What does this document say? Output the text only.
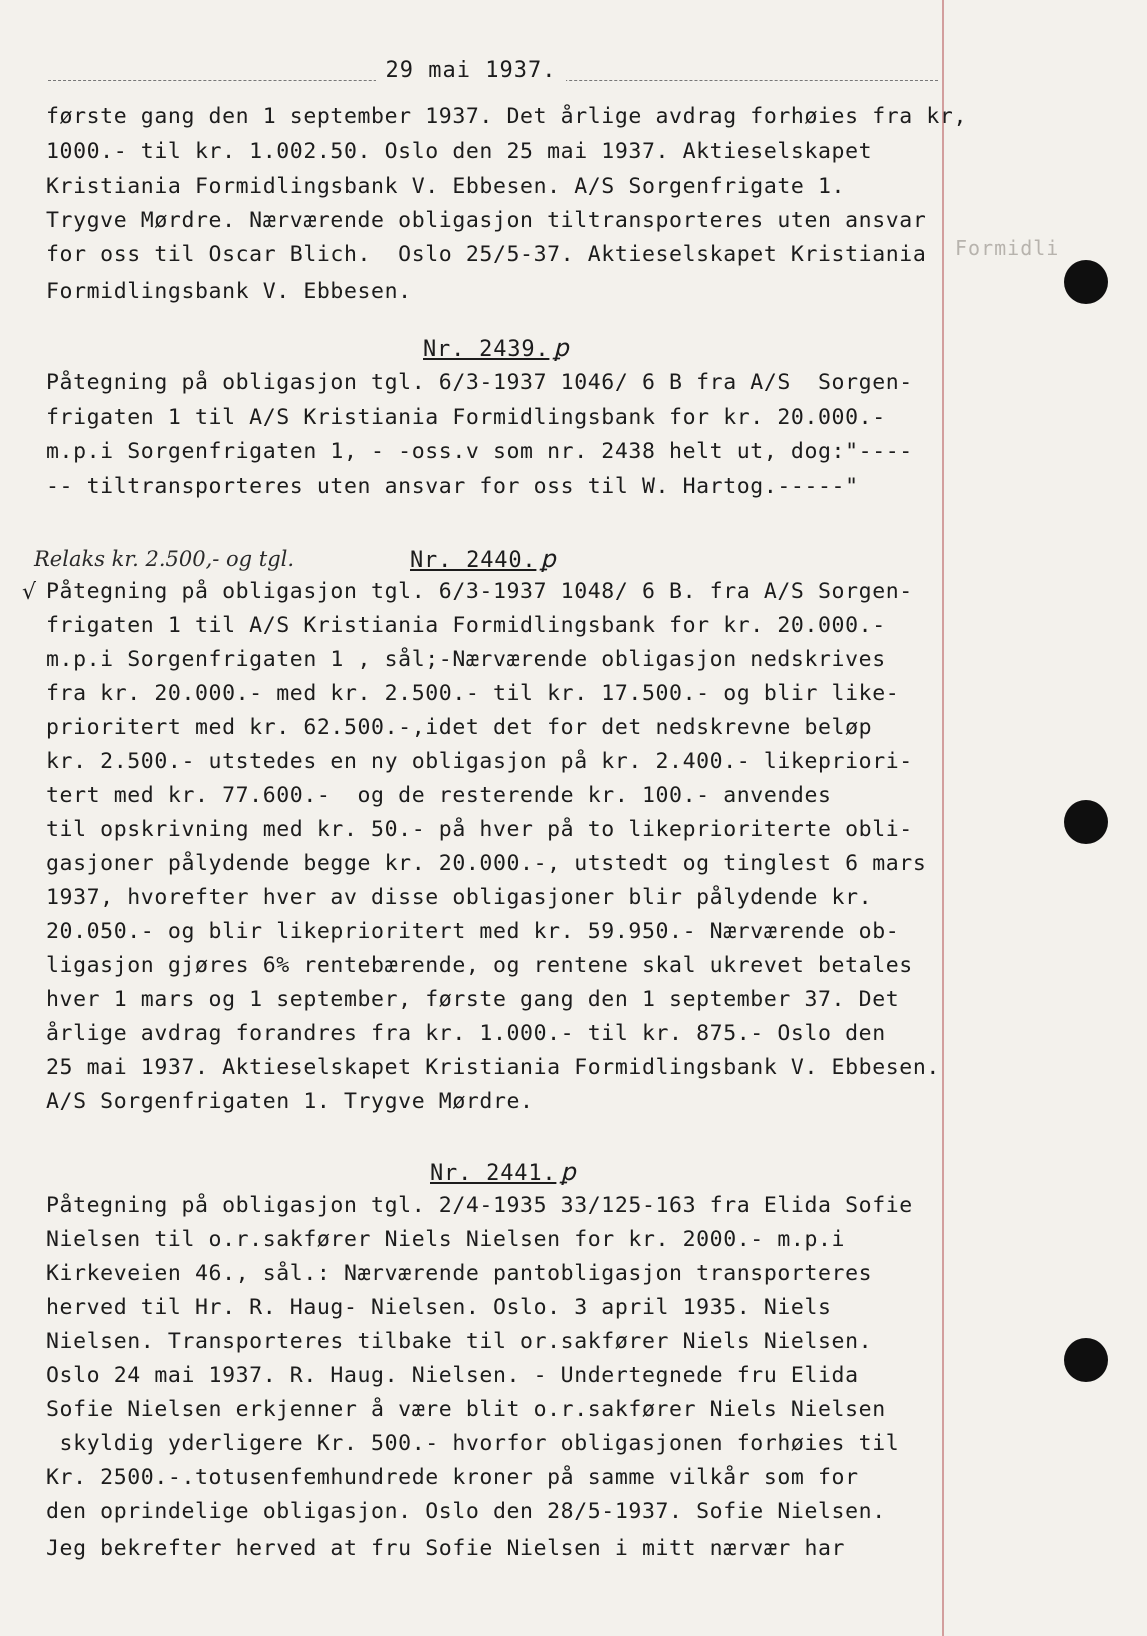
29 mai 1937.
Formidli
første gang den 1 september 1937. Det årlige avdrag forhøies fra kr,
1000.- til kr. 1.002.50. Oslo den 25 mai 1937. Aktieselskapet
Kristiania Formidlingsbank V. Ebbesen. A/S Sorgenfrigate 1.
Trygve Mørdre. Nærværende obligasjon tiltransporteres uten ansvar
for oss til Oscar Blich.  Oslo 25/5-37. Aktieselskapet Kristiania
Formidlingsbank V. Ebbesen.
Nr. 2439. ꝑ
Påtegning på obligasjon tgl. 6/3-1937 1046/ 6 B fra A/S  Sorgen-
frigaten 1 til A/S Kristiania Formidlingsbank for kr. 20.000.-
m.p.i Sorgenfrigaten 1, - -oss.v som nr. 2438 helt ut, dog:"----
-- tiltransporteres uten ansvar for oss til W. Hartog.-----"
Relaks kr. 2.500,- og tgl.
√
Nr. 2440. ꝑ
Påtegning på obligasjon tgl. 6/3-1937 1048/ 6 B. fra A/S Sorgen-
frigaten 1 til A/S Kristiania Formidlingsbank for kr. 20.000.-
m.p.i Sorgenfrigaten 1 , sål;-Nærværende obligasjon nedskrives
fra kr. 20.000.- med kr. 2.500.- til kr. 17.500.- og blir like-
prioritert med kr. 62.500.-,idet det for det nedskrevne beløp
kr. 2.500.- utstedes en ny obligasjon på kr. 2.400.- likepriori-
tert med kr. 77.600.-  og de resterende kr. 100.- anvendes
til opskrivning med kr. 50.- på hver på to likeprioriterte obli-
gasjoner pålydende begge kr. 20.000.-, utstedt og tinglest 6 mars
1937, hvorefter hver av disse obligasjoner blir pålydende kr.
20.050.- og blir likeprioritert med kr. 59.950.- Nærværende ob-
ligasjon gjøres 6% rentebærende, og rentene skal ukrevet betales
hver 1 mars og 1 september, første gang den 1 september 37. Det
årlige avdrag forandres fra kr. 1.000.- til kr. 875.- Oslo den
25 mai 1937. Aktieselskapet Kristiania Formidlingsbank V. Ebbesen.
A/S Sorgenfrigaten 1. Trygve Mørdre.
Nr. 2441. ꝑ
Påtegning på obligasjon tgl. 2/4-1935 33/125-163 fra Elida Sofie
Nielsen til o.r.sakfører Niels Nielsen for kr. 2000.- m.p.i
Kirkeveien 46., sål.: Nærværende pantobligasjon transporteres
herved til Hr. R. Haug- Nielsen. Oslo. 3 april 1935. Niels
Nielsen. Transporteres tilbake til or.sakfører Niels Nielsen.
Oslo 24 mai 1937. R. Haug. Nielsen. - Undertegnede fru Elida
Sofie Nielsen erkjenner å være blit o.r.sakfører Niels Nielsen
skyldig yderligere Kr. 500.- hvorfor obligasjonen forhøies til
Kr. 2500.-.totusenfemhundrede kroner på samme vilkår som for
den oprindelige obligasjon. Oslo den 28/5-1937. Sofie Nielsen.
Jeg bekrefter herved at fru Sofie Nielsen i mitt nærvær har
